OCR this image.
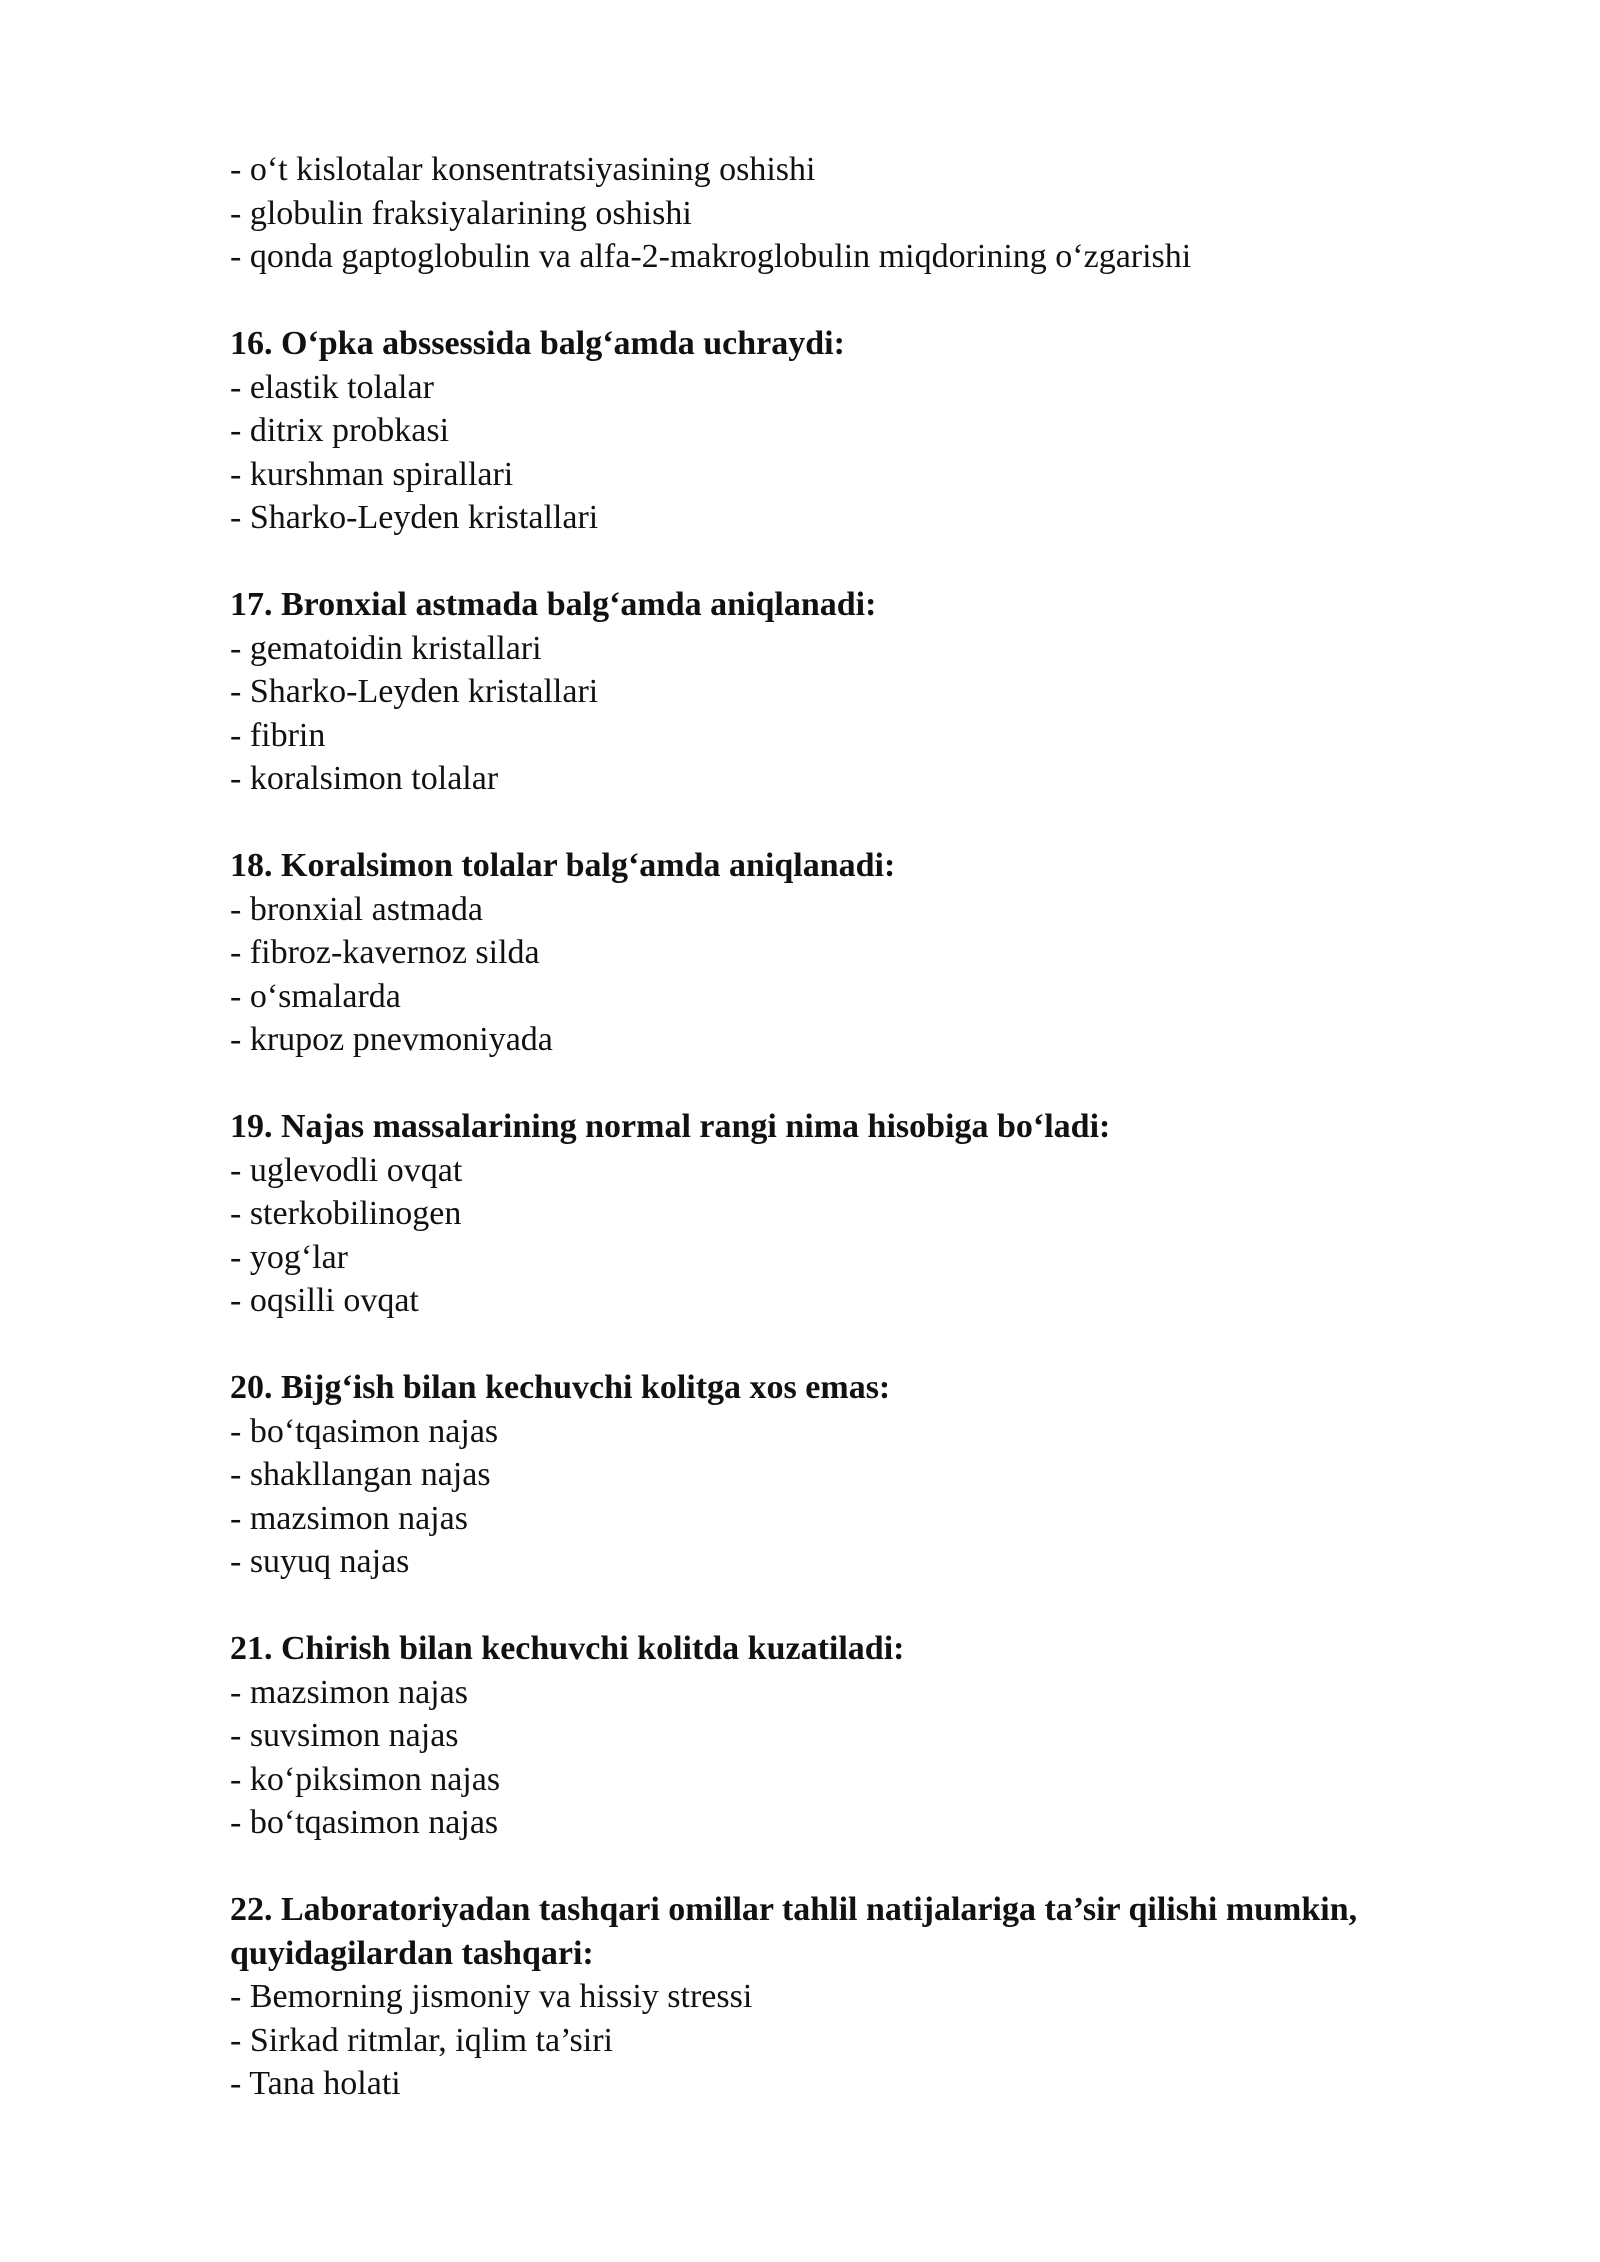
- o‘t kislotalar konsentratsiyasining oshishi
- globulin fraksiyalarining oshishi
- qonda gaptoglobulin va alfa-2-makroglobulin miqdorining o‘zgarishi
16. O‘pka abssessida balg‘amda uchraydi:
- elastik tolalar
- ditrix probkasi
- kurshman spirallari
- Sharko-Leyden kristallari
17. Bronxial astmada balg‘amda aniqlanadi:
- gematoidin kristallari
- Sharko-Leyden kristallari
- fibrin
- koralsimon tolalar
18. Koralsimon tolalar balg‘amda aniqlanadi:
- bronxial astmada
- fibroz-kavernoz silda
- o‘smalarda
- krupoz pnevmoniyada
19. Najas massalarining normal rangi nima hisobiga bo‘ladi:
- uglevodli ovqat
- sterkobilinogen
- yog‘lar
- oqsilli ovqat
20. Bijg‘ish bilan kechuvchi kolitga xos emas:
- bo‘tqasimon najas
- shakllangan najas
- mazsimon najas
- suyuq najas
21. Chirish bilan kechuvchi kolitda kuzatiladi:
- mazsimon najas
- suvsimon najas
- ko‘piksimon najas
- bo‘tqasimon najas
22. Laboratoriyadan tashqari omillar tahlil natijalariga ta’sir qilishi mumkin, quyidagilardan tashqari:
- Bemorning jismoniy va hissiy stressi
- Sirkad ritmlar, iqlim ta’siri
- Tana holati
